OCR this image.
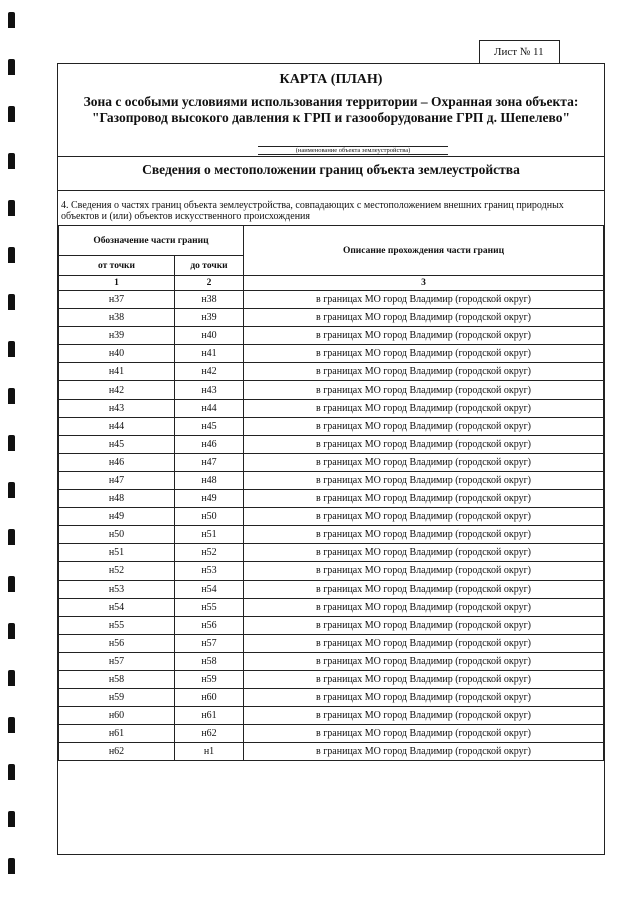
Лист № 11
КАРТА (ПЛАН)
Зона с особыми условиями использования территории – Охранная зона объекта: "Газопровод высокого давления к ГРП и газооборудование ГРП д. Шепелево"
(наименование объекта землеустройства)
Сведения о местоположении границ объекта землеустройства
4. Сведения о частях границ объекта землеустройства, совпадающих с местоположением внешних границ природных объектов и (или) объектов искусственного происхождения
Обозначение части границ		Описание прохождения части границ
от точки	до точки	
1	2	3
н37	н38	в границах МО город Владимир (городской округ)
н38	н39	в границах МО город Владимир (городской округ)
н39	н40	в границах МО город Владимир (городской округ)
н40	н41	в границах МО город Владимир (городской округ)
н41	н42	в границах МО город Владимир (городской округ)
н42	н43	в границах МО город Владимир (городской округ)
н43	н44	в границах МО город Владимир (городской округ)
н44	н45	в границах МО город Владимир (городской округ)
н45	н46	в границах МО город Владимир (городской округ)
н46	н47	в границах МО город Владимир (городской округ)
н47	н48	в границах МО город Владимир (городской округ)
н48	н49	в границах МО город Владимир (городской округ)
н49	н50	в границах МО город Владимир (городской округ)
н50	н51	в границах МО город Владимир (городской округ)
н51	н52	в границах МО город Владимир (городской округ)
н52	н53	в границах МО город Владимир (городской округ)
н53	н54	в границах МО город Владимир (городской округ)
н54	н55	в границах МО город Владимир (городской округ)
н55	н56	в границах МО город Владимир (городской округ)
н56	н57	в границах МО город Владимир (городской округ)
н57	н58	в границах МО город Владимир (городской округ)
н58	н59	в границах МО город Владимир (городской округ)
н59	н60	в границах МО город Владимир (городской округ)
н60	н61	в границах МО город Владимир (городской округ)
н61	н62	в границах МО город Владимир (городской округ)
н62	н1	в границах МО город Владимир (городской округ)
